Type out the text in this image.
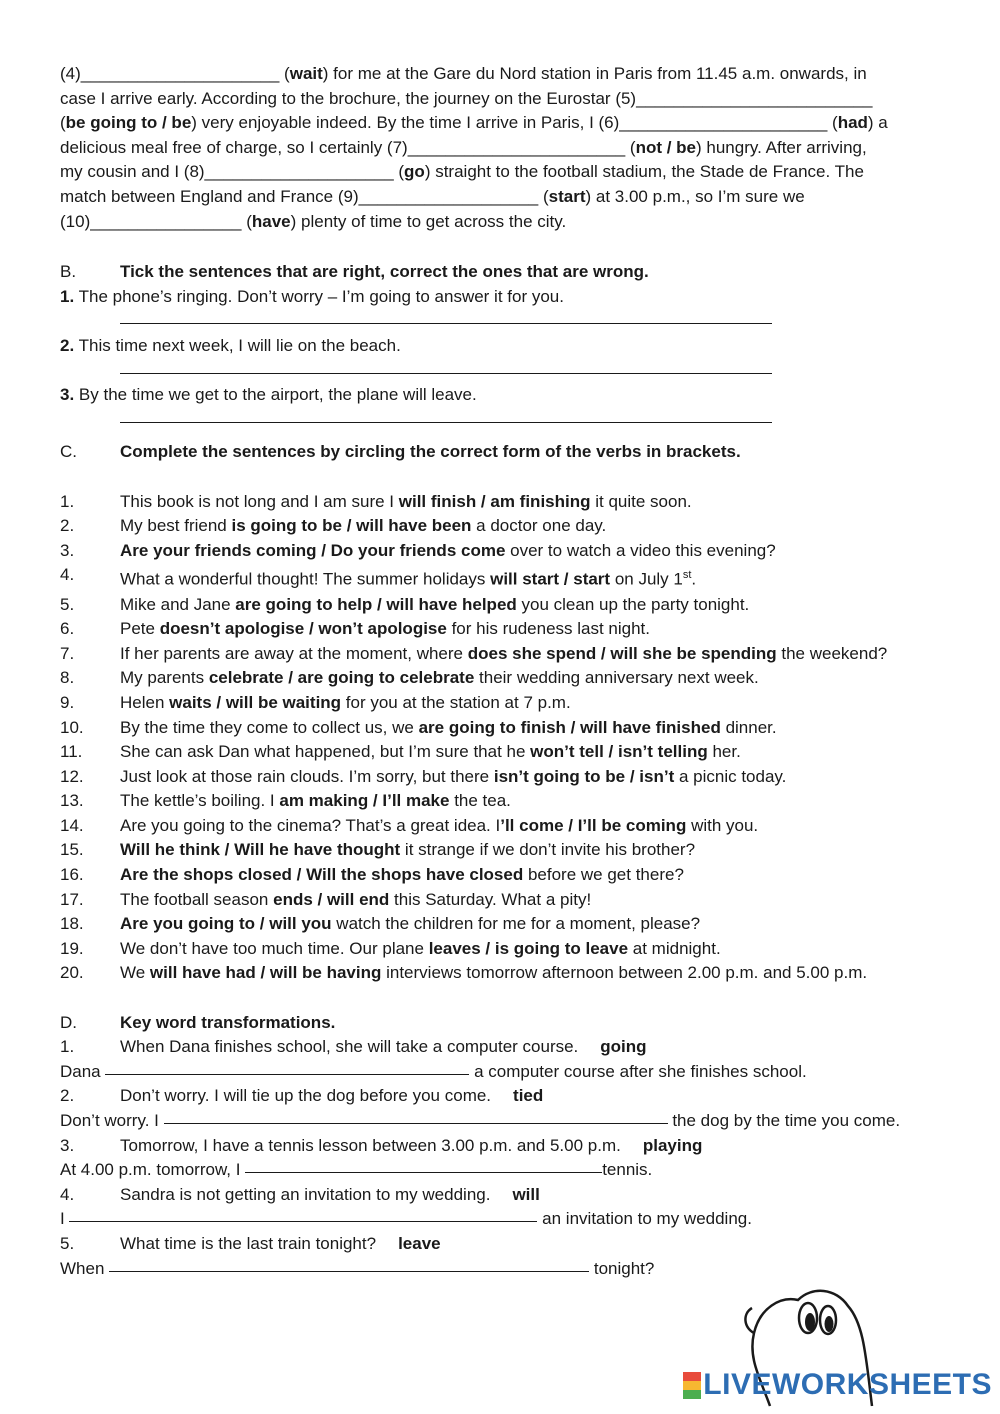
(4)_____________________ (wait) for me at the Gare du Nord station in Paris from 11.45 a.m. onwards, in
case I arrive early. According to the brochure, the journey on the Eurostar (5)_________________________
(be going to / be) very enjoyable indeed. By the time I arrive in Paris, I (6)______________________ (had) a
delicious meal free of charge, so I certainly (7)_______________________ (not / be) hungry. After arriving,
my cousin and I (8)____________________ (go) straight to the football stadium, the Stade de France. The
match between England and France (9)___________________ (start) at 3.00 p.m., so I’m sure we
(10)________________ (have) plenty of time to get across the city.
B.	Tick the sentences that are right, correct the ones that are wrong.
1. The phone’s ringing. Don’t worry – I’m going to answer it for you.
2. This time next week, I will lie on the beach.
3. By the time we get to the airport, the plane will leave.
C.	Complete the sentences by circling the correct form of the verbs in brackets.
1.	This book is not long and I am sure I will finish / am finishing it quite soon.
2.	My best friend is going to be / will have been a doctor one day.
3.	Are your friends coming / Do your friends come over to watch a video this evening?
4.	What a wonderful thought! The summer holidays will start / start on July 1st.
5.	Mike and Jane are going to help / will have helped you clean up the party tonight.
6.	Pete doesn’t apologise / won’t apologise for his rudeness last night.
7.	If her parents are away at the moment, where does she spend / will she be spending the weekend?
8.	My parents celebrate / are going to celebrate their wedding anniversary next week.
9.	Helen waits / will be waiting for you at the station at 7 p.m.
10.	By the time they come to collect us, we are going to finish / will have finished dinner.
11.	She can ask Dan what happened, but I’m sure that he won’t tell / isn’t telling her.
12.	Just look at those rain clouds. I’m sorry, but there isn’t going to be / isn’t a picnic today.
13.	The kettle’s boiling. I am making / I’ll make the tea.
14.	Are you going to the cinema? That’s a great idea. I’ll come / I’ll be coming with you.
15.	Will he think / Will he have thought it strange if we don’t invite his brother?
16.	Are the shops closed / Will the shops have closed before we get there?
17.	The football season ends / will end this Saturday. What a pity!
18.	Are you going to / will you watch the children for me for a moment, please?
19.	We don’t have too much time. Our plane leaves / is going to leave at midnight.
20.	We will have had / will be having interviews tomorrow afternoon between 2.00 p.m. and 5.00 p.m.
D.	Key word transformations.
1.	When Dana finishes school, she will take a computer course. going
Dana	a computer course after she finishes school.
2.	Don’t worry. I will tie up the dog before you come. tied
Don’t worry. I	the dog by the time you come.
3.	Tomorrow, I have a tennis lesson between 3.00 p.m. and 5.00 p.m. playing
At 4.00 p.m. tomorrow, I	tennis.
4.	Sandra is not getting an invitation to my wedding. will
I	an invitation to my wedding.
5.	What time is the last train tonight? leave
When	tonight?
LIVEWORKSHEETS
